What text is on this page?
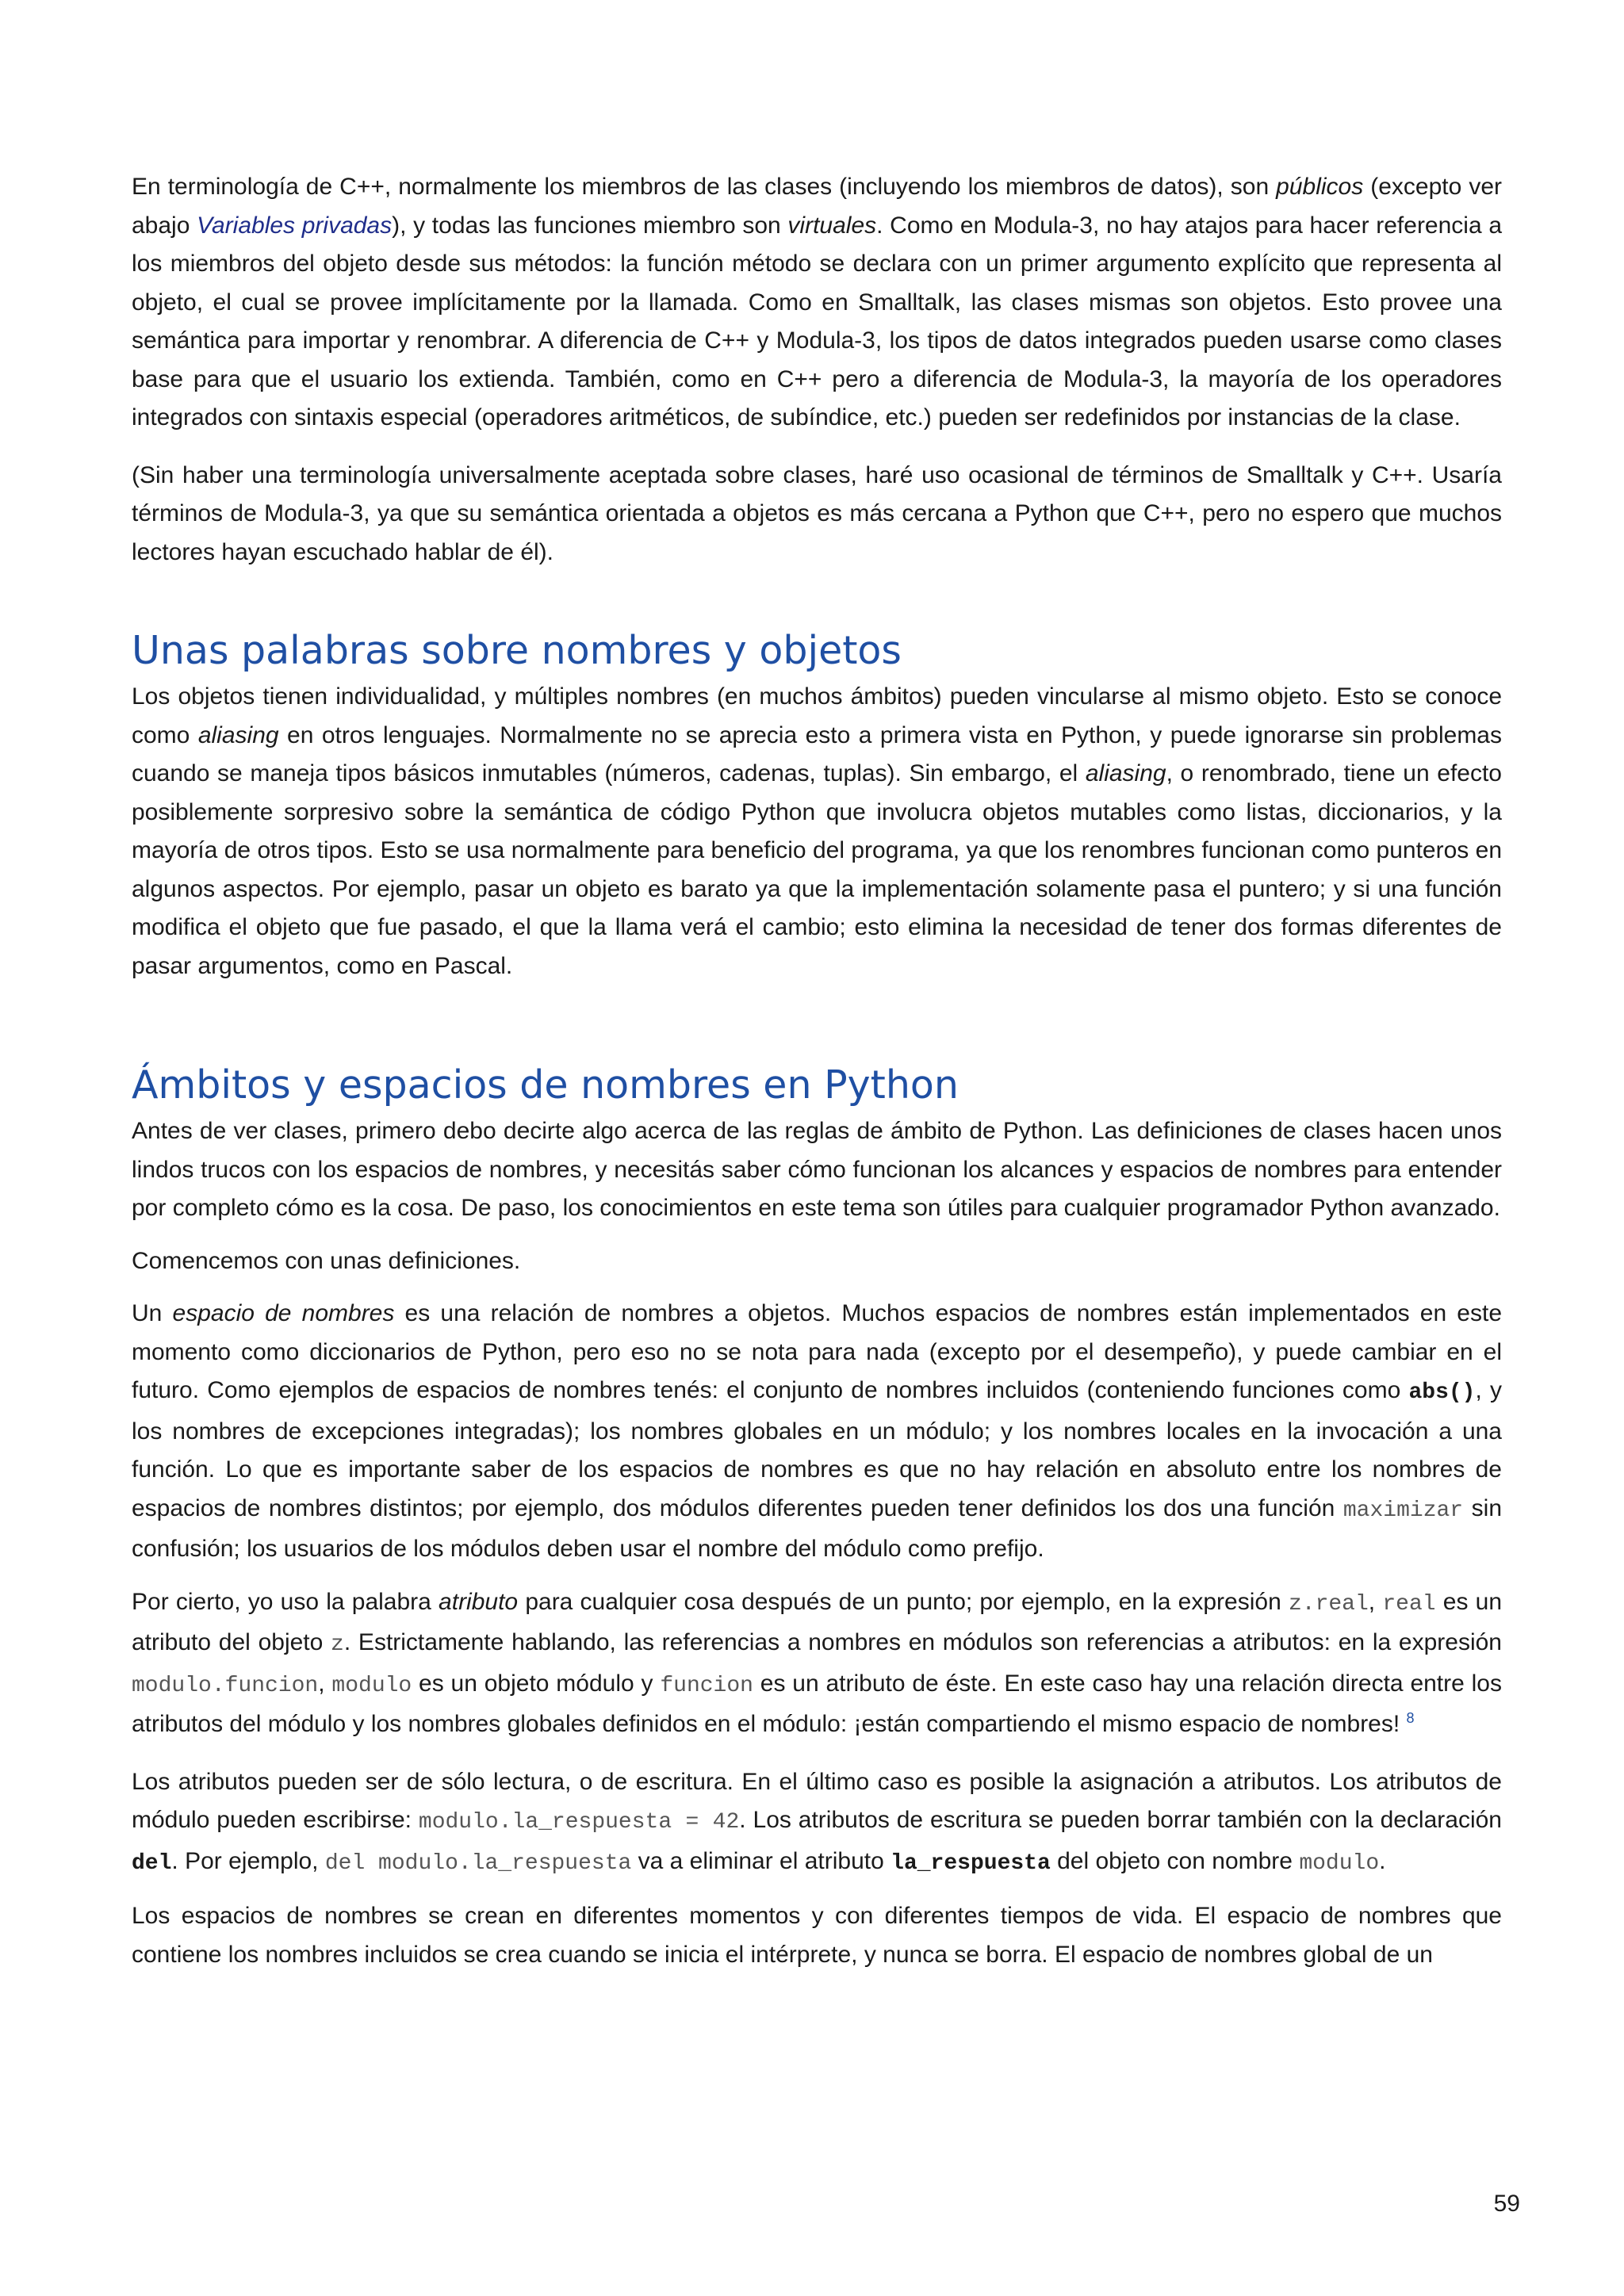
En terminología de C++, normalmente los miembros de las clases (incluyendo los miembros de datos), son públicos (excepto ver abajo Variables privadas), y todas las funciones miembro son virtuales. Como en Modula-3, no hay atajos para hacer referencia a los miembros del objeto desde sus métodos: la función método se declara con un primer argumento explícito que representa al objeto, el cual se provee implícitamente por la llamada. Como en Smalltalk, las clases mismas son objetos. Esto provee una semántica para importar y renombrar. A diferencia de C++ y Modula-3, los tipos de datos integrados pueden usarse como clases base para que el usuario los extienda. También, como en C++ pero a diferencia de Modula-3, la mayoría de los operadores integrados con sintaxis especial (operadores aritméticos, de subíndice, etc.) pueden ser redefinidos por instancias de la clase.

(Sin haber una terminología universalmente aceptada sobre clases, haré uso ocasional de términos de Smalltalk y C++. Usaría términos de Modula-3, ya que su semántica orientada a objetos es más cercana a Python que C++, pero no espero que muchos lectores hayan escuchado hablar de él).

Unas palabras sobre nombres y objetos

Los objetos tienen individualidad, y múltiples nombres (en muchos ámbitos) pueden vincularse al mismo objeto. Esto se conoce como aliasing en otros lenguajes. Normalmente no se aprecia esto a primera vista en Python, y puede ignorarse sin problemas cuando se maneja tipos básicos inmutables (números, cadenas, tuplas). Sin embargo, el aliasing, o renombrado, tiene un efecto posiblemente sorpresivo sobre la semántica de código Python que involucra objetos mutables como listas, diccionarios, y la mayoría de otros tipos. Esto se usa normalmente para beneficio del programa, ya que los renombres funcionan como punteros en algunos aspectos. Por ejemplo, pasar un objeto es barato ya que la implementación solamente pasa el puntero; y si una función modifica el objeto que fue pasado, el que la llama verá el cambio; esto elimina la necesidad de tener dos formas diferentes de pasar argumentos, como en Pascal.

Ámbitos y espacios de nombres en Python

Antes de ver clases, primero debo decirte algo acerca de las reglas de ámbito de Python. Las definiciones de clases hacen unos lindos trucos con los espacios de nombres, y necesitás saber cómo funcionan los alcances y espacios de nombres para entender por completo cómo es la cosa. De paso, los conocimientos en este tema son útiles para cualquier programador Python avanzado.

Comencemos con unas definiciones.

Un espacio de nombres es una relación de nombres a objetos. Muchos espacios de nombres están implementados en este momento como diccionarios de Python, pero eso no se nota para nada (excepto por el desempeño), y puede cambiar en el futuro. Como ejemplos de espacios de nombres tenés: el conjunto de nombres incluidos (conteniendo funciones como abs(), y los nombres de excepciones integradas); los nombres globales en un módulo; y los nombres locales en la invocación a una función. Lo que es importante saber de los espacios de nombres es que no hay relación en absoluto entre los nombres de espacios de nombres distintos; por ejemplo, dos módulos diferentes pueden tener definidos los dos una función maximizar sin confusión; los usuarios de los módulos deben usar el nombre del módulo como prefijo.

Por cierto, yo uso la palabra atributo para cualquier cosa después de un punto; por ejemplo, en la expresión z.real, real es un atributo del objeto z. Estrictamente hablando, las referencias a nombres en módulos son referencias a atributos: en la expresión modulo.funcion, modulo es un objeto módulo y funcion es un atributo de éste. En este caso hay una relación directa entre los atributos del módulo y los nombres globales definidos en el módulo: ¡están compartiendo el mismo espacio de nombres! $^8$

Los atributos pueden ser de sólo lectura, o de escritura. En el último caso es posible la asignación a atributos. Los atributos de módulo pueden escribirse: modulo.la_respuesta = 42. Los atributos de escritura se pueden borrar también con la declaración del. Por ejemplo, del modulo.la_respuesta va a eliminar el atributo la_respuesta del objeto con nombre modulo.

Los espacios de nombres se crean en diferentes momentos y con diferentes tiempos de vida. El espacio de nombres que contiene los nombres incluidos se crea cuando se inicia el intérprete, y nunca se borra. El espacio de nombres global de un

59
